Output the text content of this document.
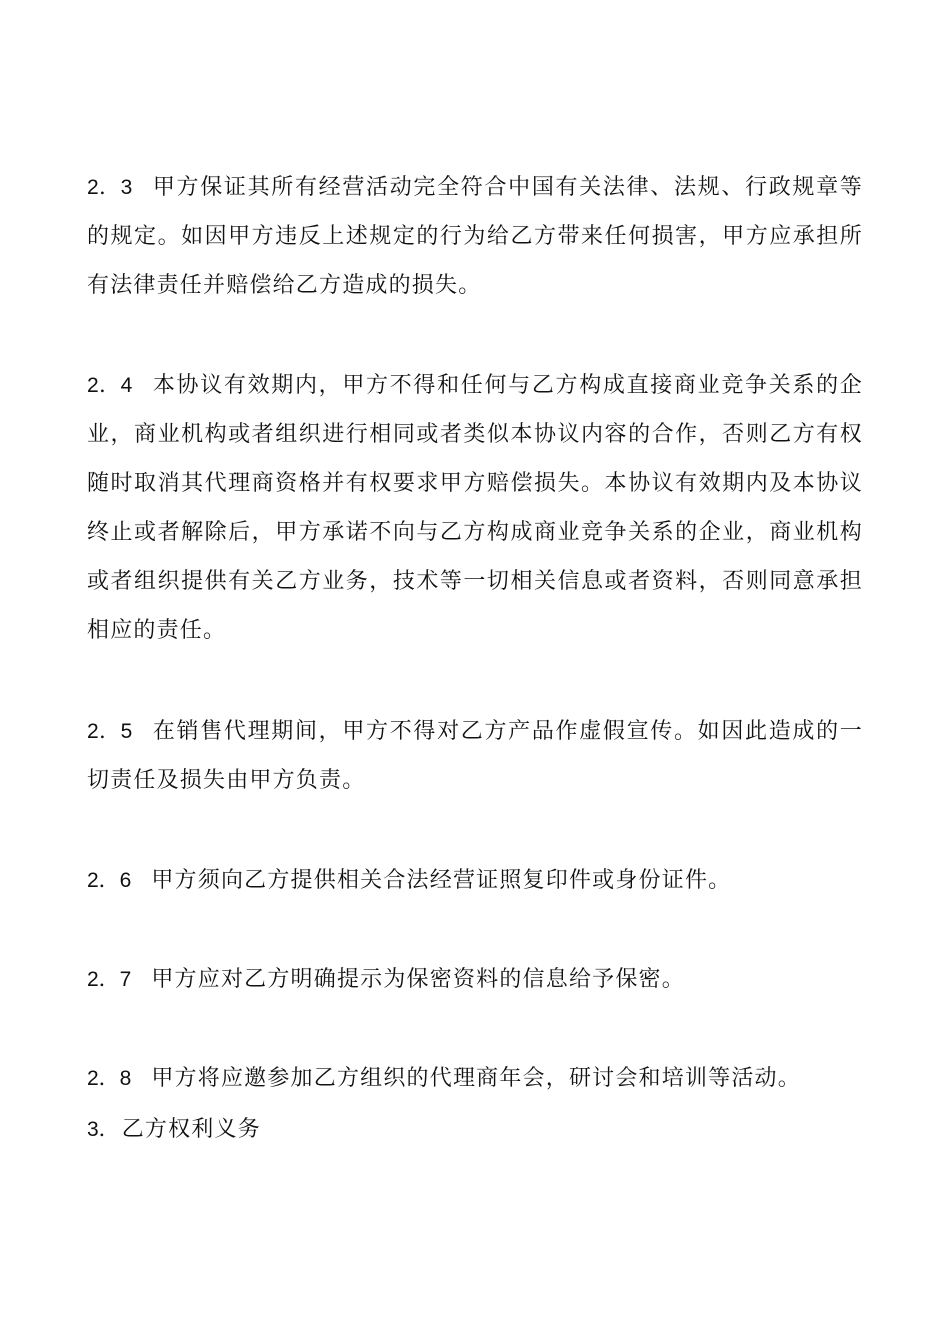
2．3 甲方保证其所有经营活动完全符合中国有关法律、法规、行政规章等的规定。如因甲方违反上述规定的行为给乙方带来任何损害，甲方应承担所有法律责任并赔偿给乙方造成的损失。

2．4 本协议有效期内，甲方不得和任何与乙方构成直接商业竞争关系的企业，商业机构或者组织进行相同或者类似本协议内容的合作，否则乙方有权随时取消其代理商资格并有权要求甲方赔偿损失。本协议有效期内及本协议终止或者解除后，甲方承诺不向与乙方构成商业竞争关系的企业，商业机构或者组织提供有关乙方业务，技术等一切相关信息或者资料，否则同意承担相应的责任。

2．5 在销售代理期间，甲方不得对乙方产品作虚假宣传。如因此造成的一切责任及损失由甲方负责。

2．6 甲方须向乙方提供相关合法经营证照复印件或身份证件。

2．7 甲方应对乙方明确提示为保密资料的信息给予保密。

2．8 甲方将应邀参加乙方组织的代理商年会，研讨会和培训等活动。

3．乙方权利义务
